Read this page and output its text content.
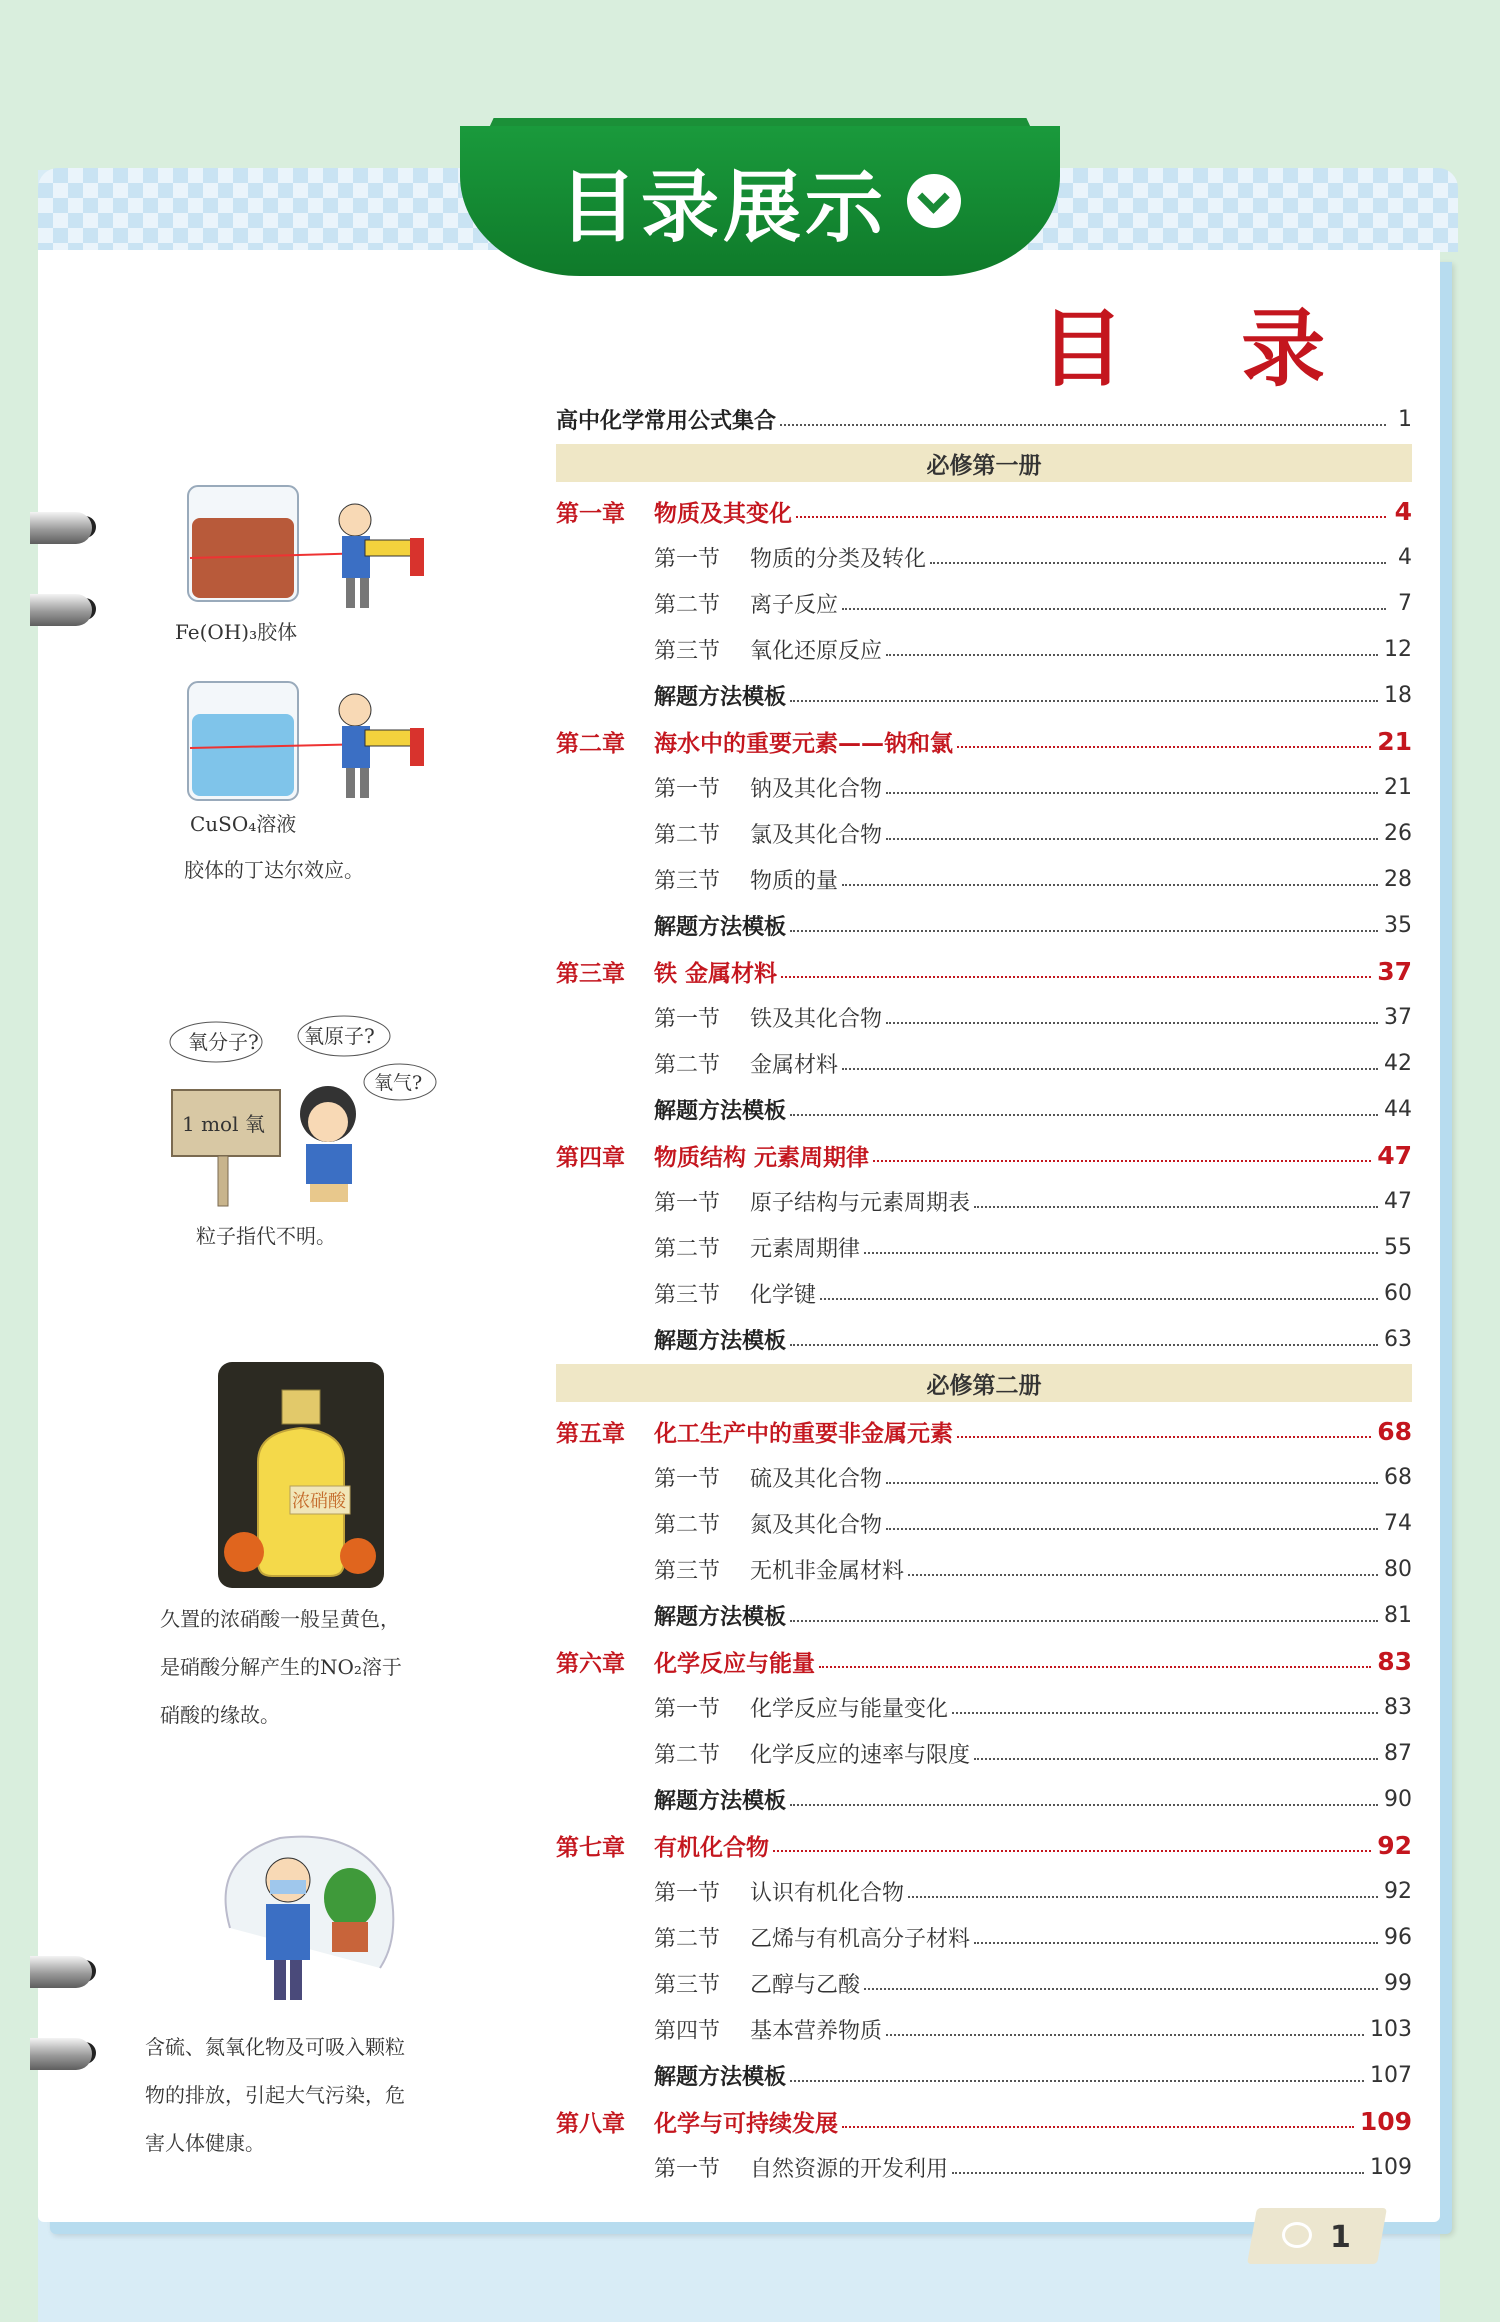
目录展示
目 录
高中化学常用公式集合	1
必修第一册
第一章	物质及其变化	4
第一节	物质的分类及转化	4
第二节	离子反应	7
第三节	氧化还原反应	12
解题方法模板	18
第二章	海水中的重要元素——钠和氯	21
第一节	钠及其化合物	21
第二节	氯及其化合物	26
第三节	物质的量	28
解题方法模板	35
第三章	铁 金属材料	37
第一节	铁及其化合物	37
第二节	金属材料	42
解题方法模板	44
第四章	物质结构 元素周期律	47
第一节	原子结构与元素周期表	47
第二节	元素周期律	55
第三节	化学键	60
解题方法模板	63
必修第二册
第五章	化工生产中的重要非金属元素	68
第一节	硫及其化合物	68
第二节	氮及其化合物	74
第三节	无机非金属材料	80
解题方法模板	81
第六章	化学反应与能量	83
第一节	化学反应与能量变化	83
第二节	化学反应的速率与限度	87
解题方法模板	90
第七章	有机化合物	92
第一节	认识有机化合物	92
第二节	乙烯与有机高分子材料	96
第三节	乙醇与乙酸	99
第四节	基本营养物质	103
解题方法模板	107
第八章	化学与可持续发展	109
第一节	自然资源的开发利用	109
Fe(OH)₃胶体
CuSO₄溶液
胶体的丁达尔效应。
氧分子? 氧原子?
氧气?
1 mol 氧
粒子指代不明。
浓硝酸
久置的浓硝酸一般呈黄色，
是硝酸分解产生的NO₂溶于
硝酸的缘故。
含硫、氮氧化物及可吸入颗粒
物的排放，引起大气污染，危
害人体健康。
1
